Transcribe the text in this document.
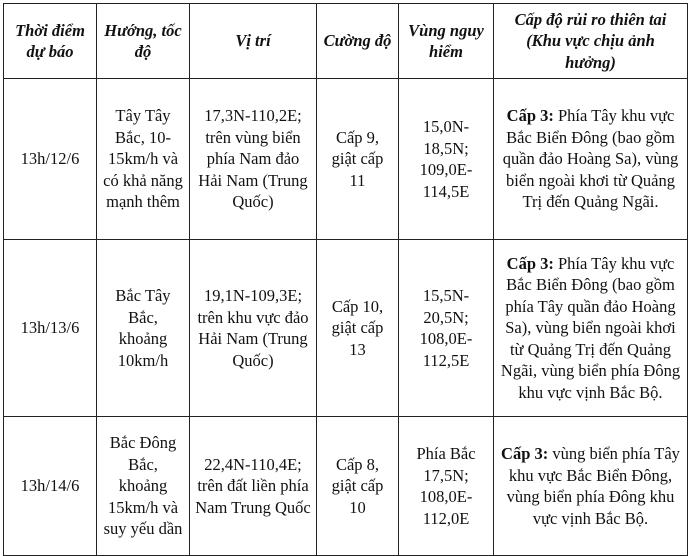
Thời điểm dự báo	Hướng, tốc độ	Vị trí	Cường độ	Vùng nguy hiểm	Cấp độ rủi ro thiên tai (Khu vực chịu ảnh hưởng)
13h/12/6	Tây Tây Bắc, 10-15km/h và có khả năng mạnh thêm	17,3N-110,2E; trên vùng biển phía Nam đảo Hải Nam (Trung Quốc)	Cấp 9, giật cấp 11	15,0N-18,5N; 109,0E-114,5E	Cấp 3: Phía Tây khu vực Bắc Biển Đông (bao gồm quần đảo Hoàng Sa), vùng biển ngoài khơi từ Quảng Trị đến Quảng Ngãi.
13h/13/6	Bắc Tây Bắc, khoảng 10km/h	19,1N-109,3E; trên khu vực đảo Hải Nam (Trung Quốc)	Cấp 10, giật cấp 13	15,5N-20,5N; 108,0E-112,5E	Cấp 3: Phía Tây khu vực Bắc Biển Đông (bao gồm phía Tây quần đảo Hoàng Sa), vùng biển ngoài khơi từ Quảng Trị đến Quảng Ngãi, vùng biển phía Đông khu vực vịnh Bắc Bộ.
13h/14/6	Bắc Đông Bắc, khoảng 15km/h và suy yếu dần	22,4N-110,4E; trên đất liền phía Nam Trung Quốc	Cấp 8, giật cấp 10	Phía Bắc 17,5N; 108,0E-112,0E	Cấp 3: vùng biển phía Tây khu vực Bắc Biển Đông, vùng biển phía Đông khu vực vịnh Bắc Bộ.
